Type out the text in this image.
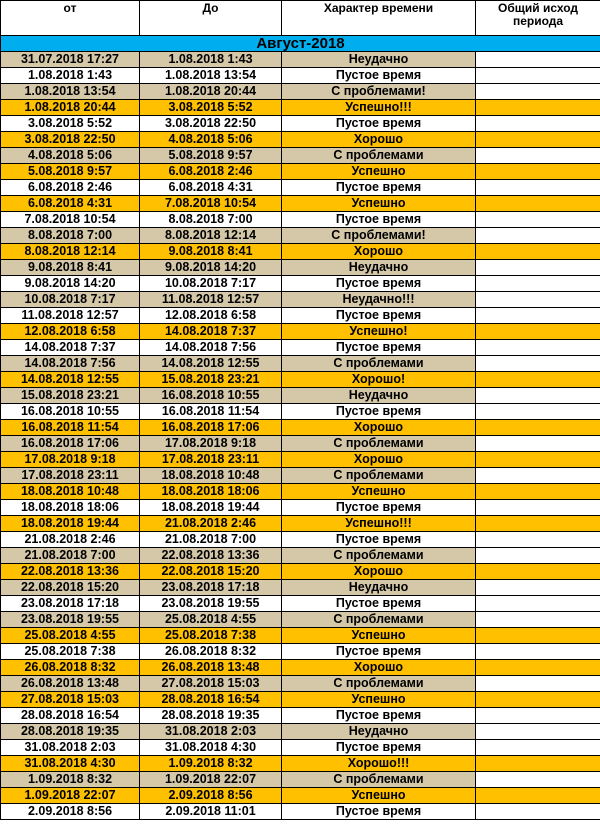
от	До	Характер времени	Общий исход периода
Август-2018			
31.07.2018 17:27	1.08.2018 1:43	Неудачно	
1.08.2018 1:43	1.08.2018 13:54	Пустое время	
1.08.2018 13:54	1.08.2018 20:44	С проблемами!	
1.08.2018 20:44	3.08.2018 5:52	Успешно!!!	
3.08.2018 5:52	3.08.2018 22:50	Пустое время	
3.08.2018 22:50	4.08.2018 5:06	Хорошо	
4.08.2018 5:06	5.08.2018 9:57	С проблемами	
5.08.2018 9:57	6.08.2018 2:46	Успешно	
6.08.2018 2:46	6.08.2018 4:31	Пустое время	
6.08.2018 4:31	7.08.2018 10:54	Успешно	
7.08.2018 10:54	8.08.2018 7:00	Пустое время	
8.08.2018 7:00	8.08.2018 12:14	С проблемами!	
8.08.2018 12:14	9.08.2018 8:41	Хорошо	
9.08.2018 8:41	9.08.2018 14:20	Неудачно	
9.08.2018 14:20	10.08.2018 7:17	Пустое время	
10.08.2018 7:17	11.08.2018 12:57	Неудачно!!!	
11.08.2018 12:57	12.08.2018 6:58	Пустое время	
12.08.2018 6:58	14.08.2018 7:37	Успешно!	
14.08.2018 7:37	14.08.2018 7:56	Пустое время	
14.08.2018 7:56	14.08.2018 12:55	С проблемами	
14.08.2018 12:55	15.08.2018 23:21	Хорошо!	
15.08.2018 23:21	16.08.2018 10:55	Неудачно	
16.08.2018 10:55	16.08.2018 11:54	Пустое время	
16.08.2018 11:54	16.08.2018 17:06	Хорошо	
16.08.2018 17:06	17.08.2018 9:18	С проблемами	
17.08.2018 9:18	17.08.2018 23:11	Хорошо	
17.08.2018 23:11	18.08.2018 10:48	С проблемами	
18.08.2018 10:48	18.08.2018 18:06	Успешно	
18.08.2018 18:06	18.08.2018 19:44	Пустое время	
18.08.2018 19:44	21.08.2018 2:46	Успешно!!!	
21.08.2018 2:46	21.08.2018 7:00	Пустое время	
21.08.2018 7:00	22.08.2018 13:36	С проблемами	
22.08.2018 13:36	22.08.2018 15:20	Хорошо	
22.08.2018 15:20	23.08.2018 17:18	Неудачно	
23.08.2018 17:18	23.08.2018 19:55	Пустое время	
23.08.2018 19:55	25.08.2018 4:55	С проблемами	
25.08.2018 4:55	25.08.2018 7:38	Успешно	
25.08.2018 7:38	26.08.2018 8:32	Пустое время	
26.08.2018 8:32	26.08.2018 13:48	Хорошо	
26.08.2018 13:48	27.08.2018 15:03	С проблемами	
27.08.2018 15:03	28.08.2018 16:54	Успешно	
28.08.2018 16:54	28.08.2018 19:35	Пустое время	
28.08.2018 19:35	31.08.2018 2:03	Неудачно	
31.08.2018 2:03	31.08.2018 4:30	Пустое время	
31.08.2018 4:30	1.09.2018 8:32	Хорошо!!!	
1.09.2018 8:32	1.09.2018 22:07	С проблемами	
1.09.2018 22:07	2.09.2018 8:56	Успешно	
2.09.2018 8:56	2.09.2018 11:01	Пустое время	
